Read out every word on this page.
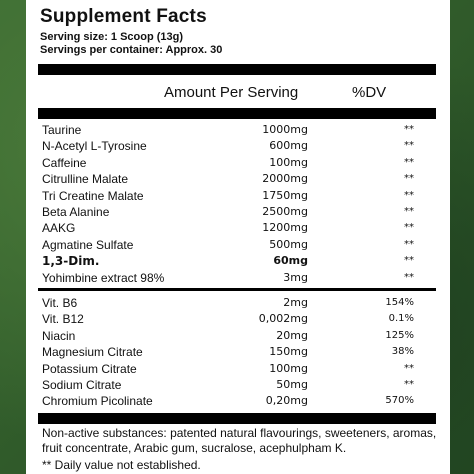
Supplement Facts
Serving size: 1 Scoop (13g)
Servings per container: Approx. 30
Amount Per Serving	%DV
Taurine	1000mg	**
N-Acetyl L-Tyrosine	600mg	**
Caffeine	100mg	**
Citrulline Malate	2000mg	**
Tri Creatine Malate	1750mg	**
Beta Alanine	2500mg	**
AAKG	1200mg	**
Agmatine Sulfate	500mg	**
1,3-Dim.	60mg	**
Yohimbine extract 98%	3mg	**
Vit. B6	2mg	154%
Vit. B12	0,002mg	0.1%
Niacin	20mg	125%
Magnesium Citrate	150mg	38%
Potassium Citrate	100mg	**
Sodium Citrate	50mg	**
Chromium Picolinate	0,20mg	570%
Non-active substances: patented natural flavourings, sweeteners, aromas, fruit concentrate, Arabic gum, sucralose, acephulpham K.
** Daily value not established.
